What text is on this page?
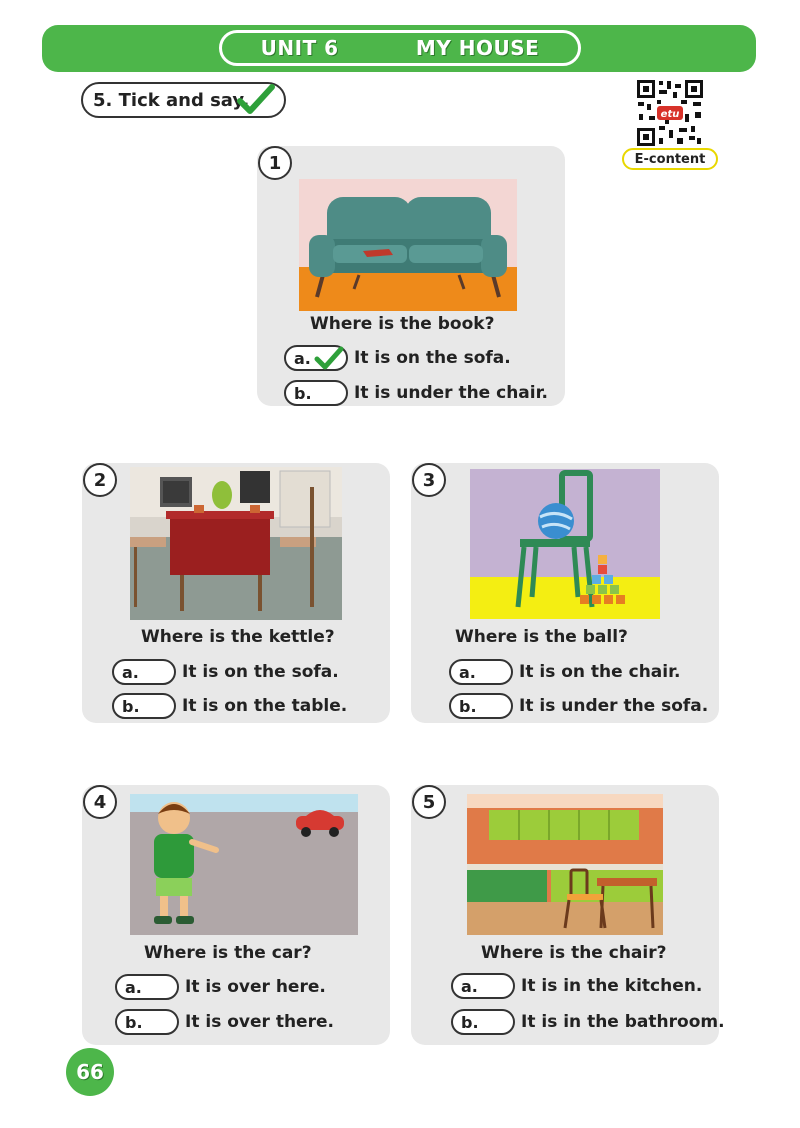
UNIT 6	MY HOUSE
5. Tick and say.
etu
E-content
1
Where is the book?
a.	It is on the sofa.
b. It is under the chair.
2
Where is the kettle?
a.	It is on the sofa.
b. It is on the table.
3
Where is the ball?
a.	It is on the chair.
b. It is under the sofa.
4
Where is the car?
a.	It is over here.
b. It is over there.
5
Where is the chair?
a.	It is in the kitchen.
b. It is in the bathroom.
66
